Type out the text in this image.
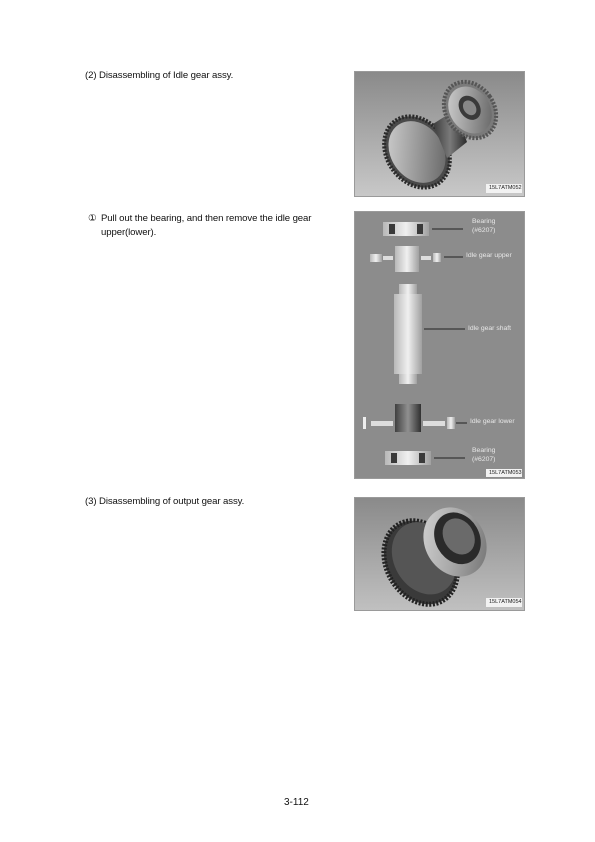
(2) Disassembling of Idle gear assy.
15L7ATM052
① Pull out the bearing, and then remove the idle gear
upper(lower).
Bearing
(#6207)
Idle gear upper
Idle gear shaft
Idle gear lower
Bearing
(#6207)
15L7ATM053
(3) Disassembling of output gear assy.
15L7ATM054
3-112
